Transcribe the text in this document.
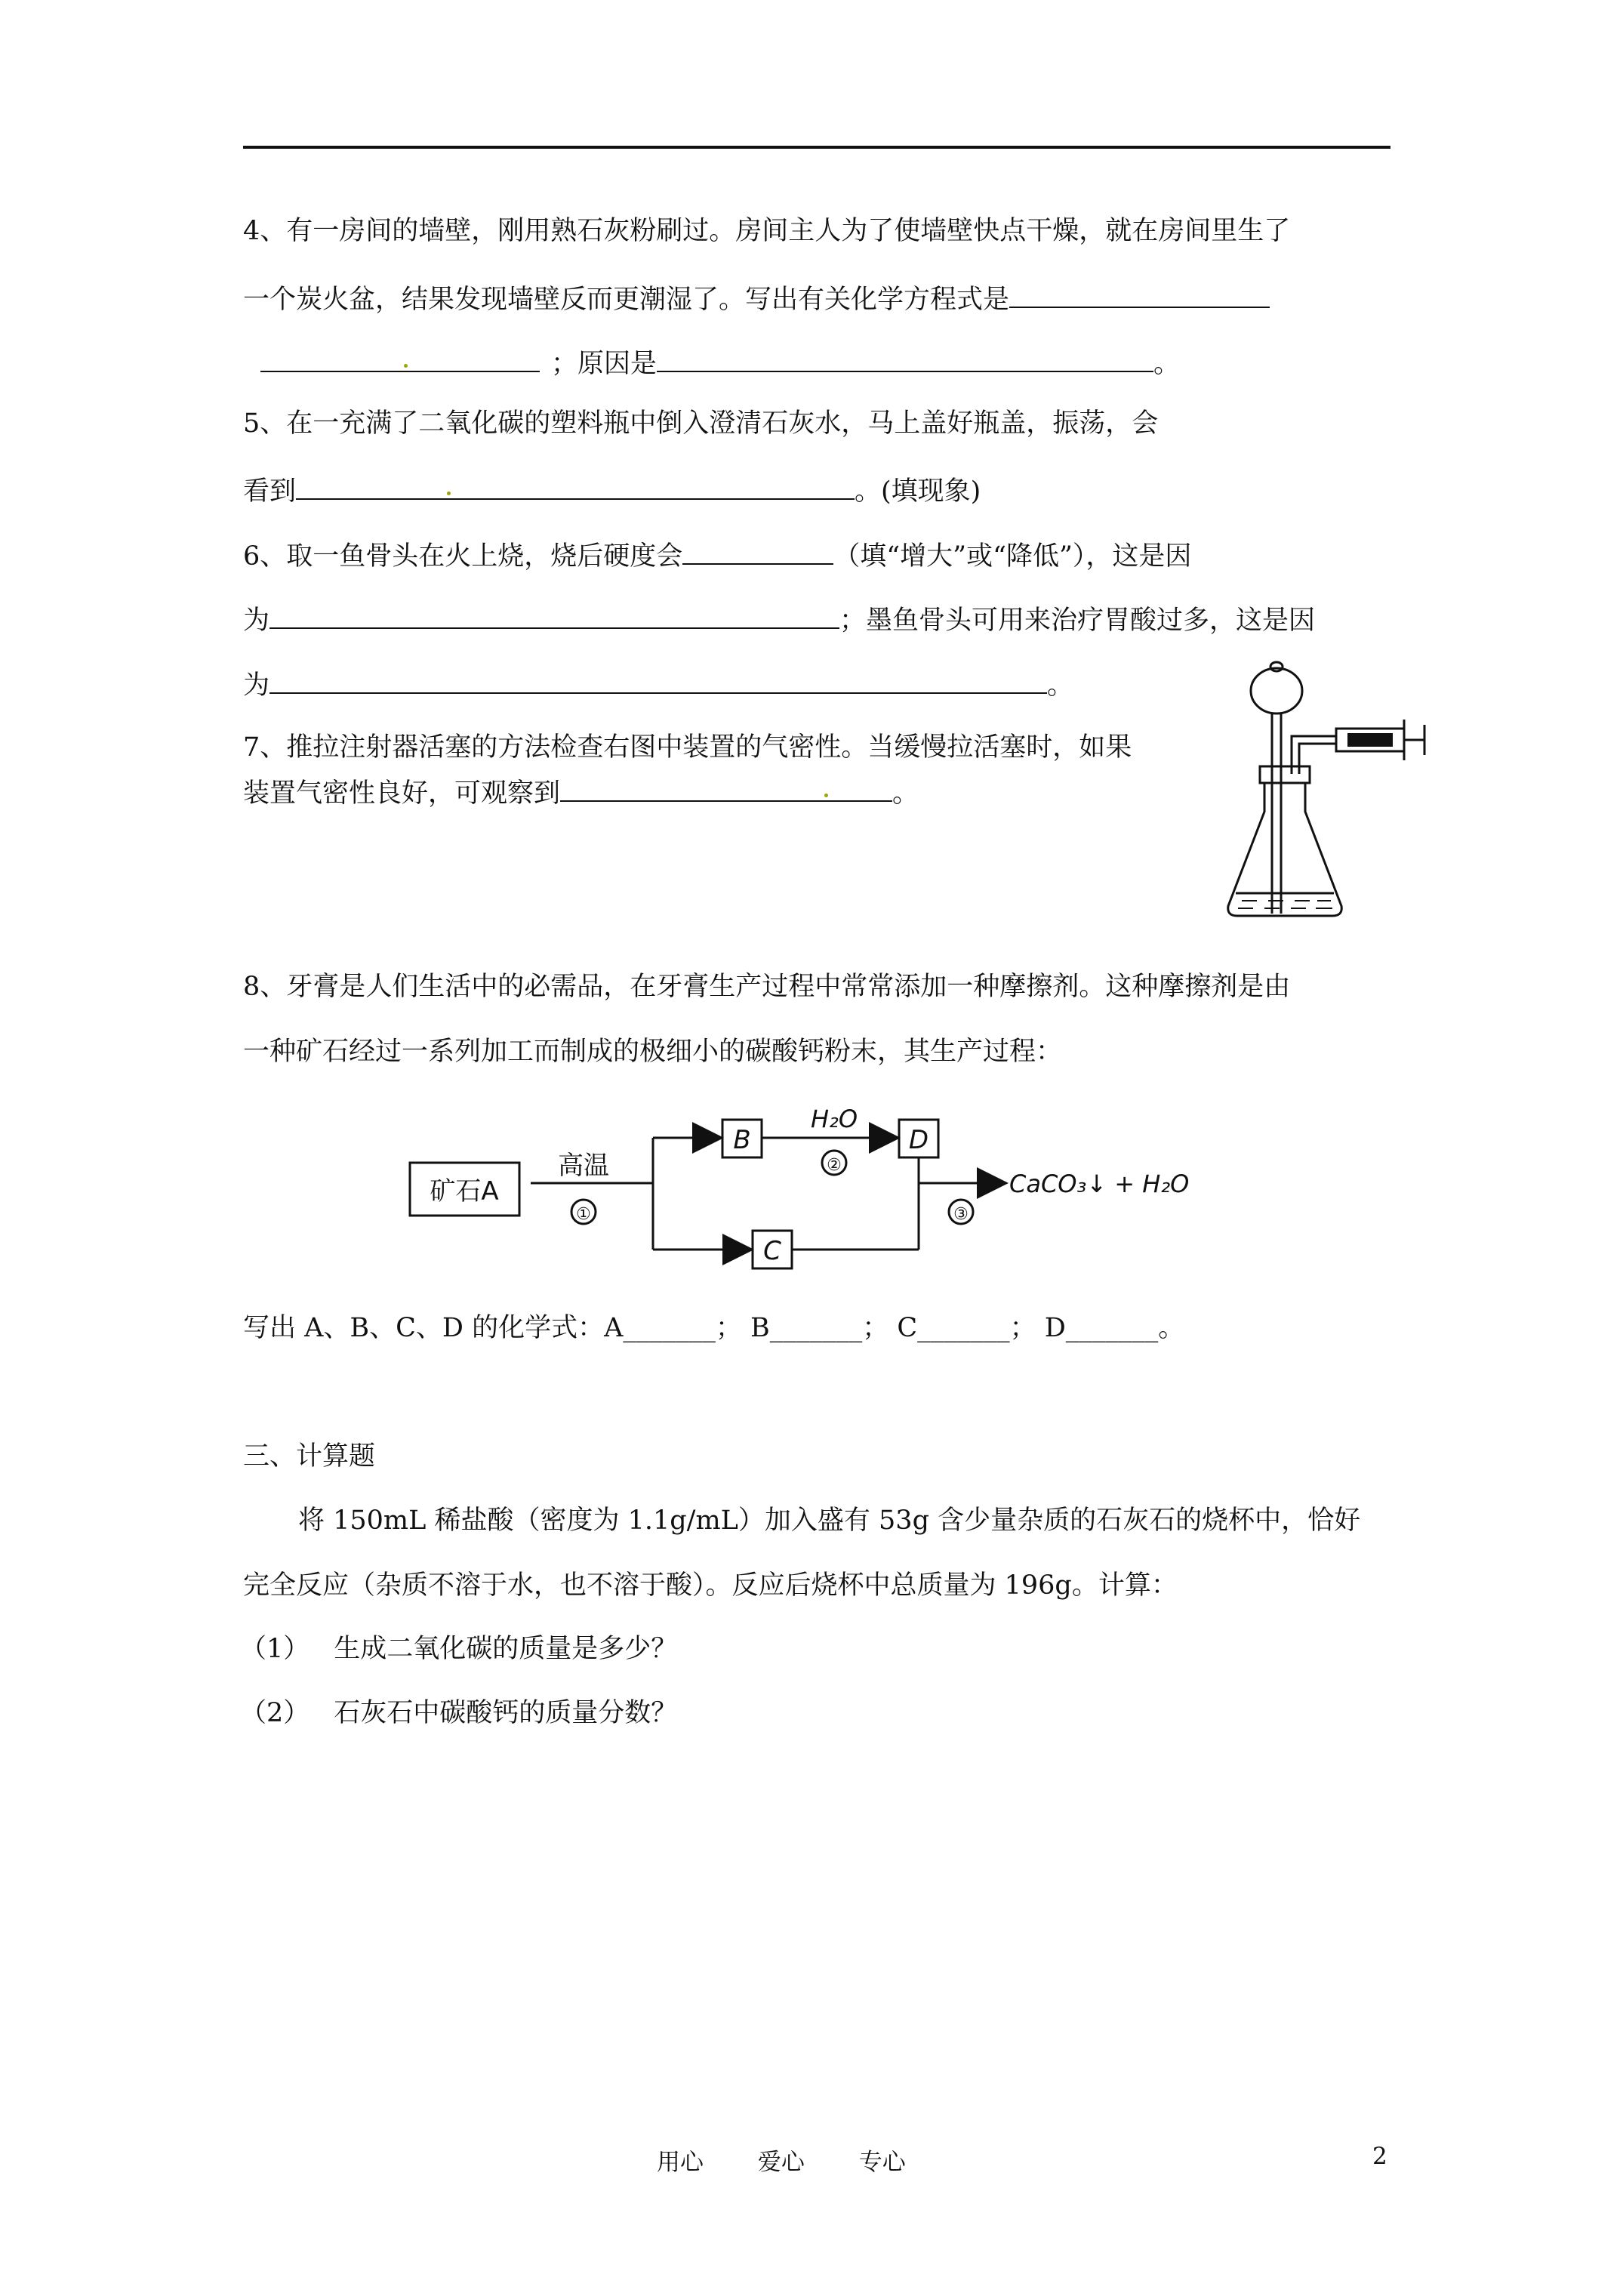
4、有一房间的墙壁，刚用熟石灰粉刷过。房间主人为了使墙壁快点干燥，就在房间里生了
一个炭火盆，结果发现墙壁反而更潮湿了。写出有关化学方程式是
；原因是	。
5、在一充满了二氧化碳的塑料瓶中倒入澄清石灰水，马上盖好瓶盖，振荡，会
看到	。(填现象)
6、取一鱼骨头在火上烧，烧后硬度会	（填“增大”或“降低”），这是因
为	；墨鱼骨头可用来治疗胃酸过多，这是因
为	。
7、推拉注射器活塞的方法检查右图中装置的气密性。当缓慢拉活塞时，如果
装置气密性良好，可观察到	。
8、牙膏是人们生活中的必需品，在牙膏生产过程中常常添加一种摩擦剂。这种摩擦剂是由
一种矿石经过一系列加工而制成的极细小的碳酸钙粉末，其生产过程：
矿石A
高温
①
B
C
D
H₂O
②
③
CaCO₃↓ + H₂O
写出 A、B、C、D 的化学式：A_______； B_______； C_______； D_______。
三、计算题
将 150mL 稀盐酸（密度为 1.1g/mL）加入盛有 53g 含少量杂质的石灰石的烧杯中，恰好
完全反应（杂质不溶于水，也不溶于酸）。反应后烧杯中总质量为 196g。计算：
（1） 生成二氧化碳的质量是多少？
（2） 石灰石中碳酸钙的质量分数？
用心　　 爱心　　 专心	2
